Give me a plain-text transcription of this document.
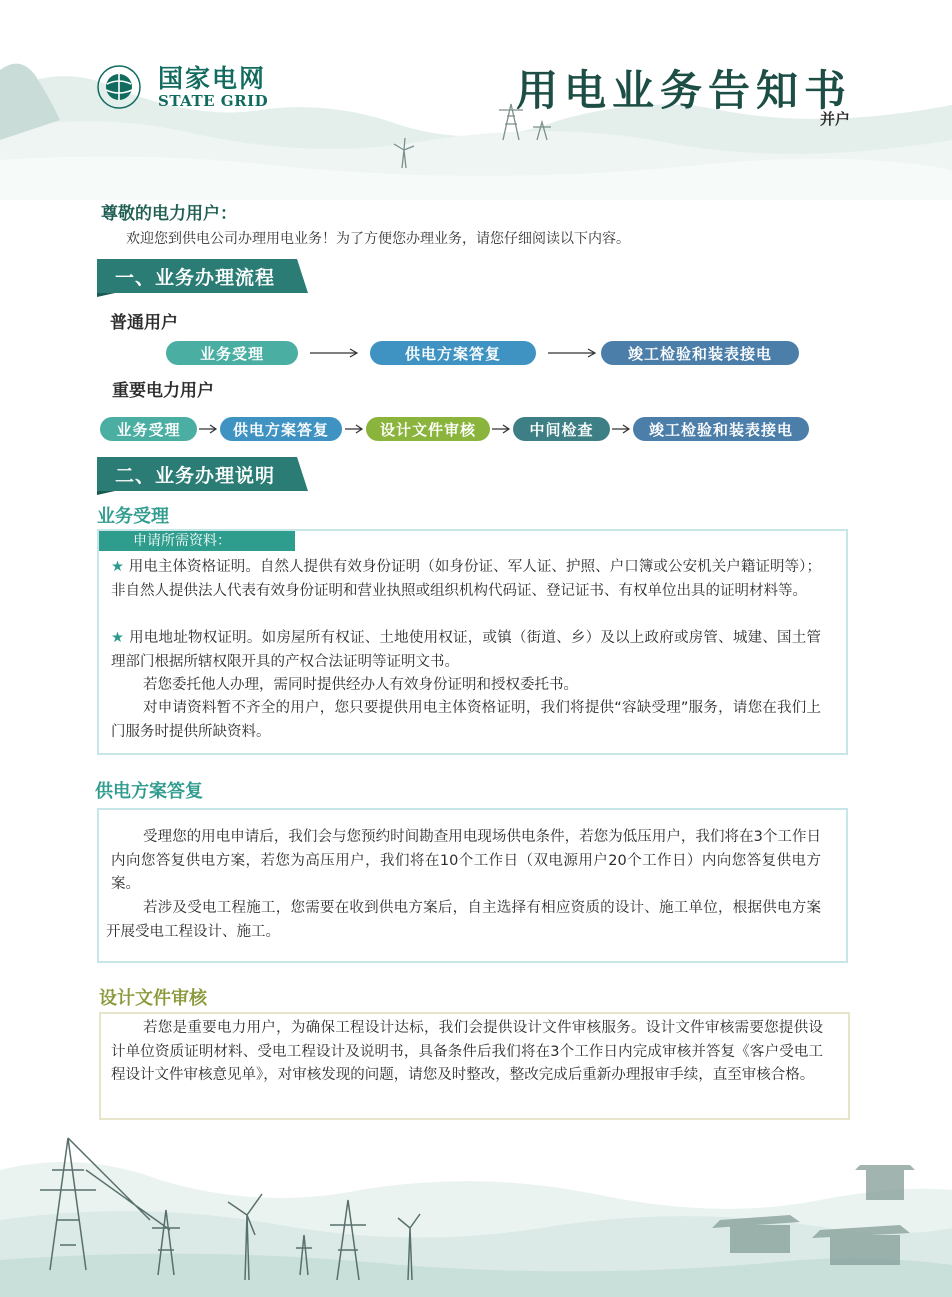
国家电网
STATE GRID	用电业务告知书
并户
尊敬的电力用户：
欢迎您到供电公司办理用电业务！为了方便您办理业务，请您仔细阅读以下内容。
一、业务办理流程
普通用户
业务受理	供电方案答复	竣工检验和装表接电
重要电力用户
业务受理	供电方案答复	设计文件审核	中间检查	竣工检验和装表接电
二、业务办理说明
业务受理
申请所需资料：
★ 用电主体资格证明。自然人提供有效身份证明（如身份证、军人证、护照、户口簿或公安机关户籍证明等）；非自然人提供法人代表有效身份证明和营业执照或组织机构代码证、登记证书、有权单位出具的证明材料等。
★ 用电地址物权证明。如房屋所有权证、土地使用权证，或镇（街道、乡）及以上政府或房管、城建、国土管理部门根据所辖权限开具的产权合法证明等证明文书。
若您委托他人办理，需同时提供经办人有效身份证明和授权委托书。
对申请资料暂不齐全的用户，您只要提供用电主体资格证明，我们将提供“容缺受理”服务，请您在我们上门服务时提供所缺资料。
供电方案答复
受理您的用电申请后，我们会与您预约时间勘查用电现场供电条件，若您为低压用户，我们将在3个工作日内向您答复供电方案，若您为高压用户，我们将在10个工作日（双电源用户20个工作日）内向您答复供电方案。
若涉及受电工程施工，您需要在收到供电方案后，自主选择有相应资质的设计、施工单位，根据供电方案开展受电工程设计、施工。
设计文件审核
若您是重要电力用户，为确保工程设计达标，我们会提供设计文件审核服务。设计文件审核需要您提供设计单位资质证明材料、受电工程设计及说明书，具备条件后我们将在3个工作日内完成审核并答复《客户受电工程设计文件审核意见单》，对审核发现的问题，请您及时整改，整改完成后重新办理报审手续，直至审核合格。
